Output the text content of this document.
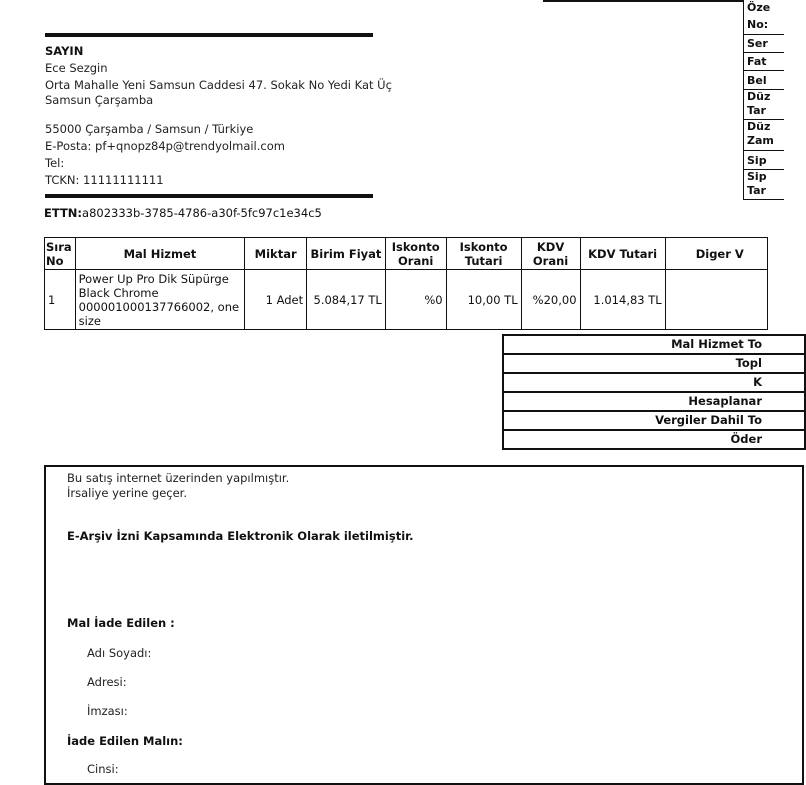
Öze
No:
Ser
Fat
Bel
Düz
Tar
Düz
Zam
Sip
Sip
Tar
SAYIN
Ece Sezgin
Orta Mahalle Yeni Samsun Caddesi 47. Sokak No Yedi Kat Üç
Samsun Çarşamba
55000 Çarşamba / Samsun / Türkiye
E-Posta: pf+qnopz84p@trendyolmail.com
Tel:
TCKN: 11111111111
ETTN:a802333b-3785-4786-a30f-5fc97c1e34c5
Sıra No	Mal Hizmet	Miktar	Birim Fiyat	Iskonto Orani	Iskonto Tutari	KDV Orani	KDV Tutari	Diger V
1	Power Up Pro Dik Süpürge Black Chrome 000001000137766002, one size	1 Adet	5.084,17 TL	%0	10,00 TL	%20,00	1.014,83 TL	
Mal Hizmet To
Topl
K
Hesaplanar
Vergiler Dahil To
Öder
Bu satış internet üzerinden yapılmıştır.
İrsaliye yerine geçer.
E-Arşiv İzni Kapsamında Elektronik Olarak iletilmiştir.
Mal İade Edilen :
Adı Soyadı:
Adresi:
İmzası:
İade Edilen Malın:
Cinsi:
